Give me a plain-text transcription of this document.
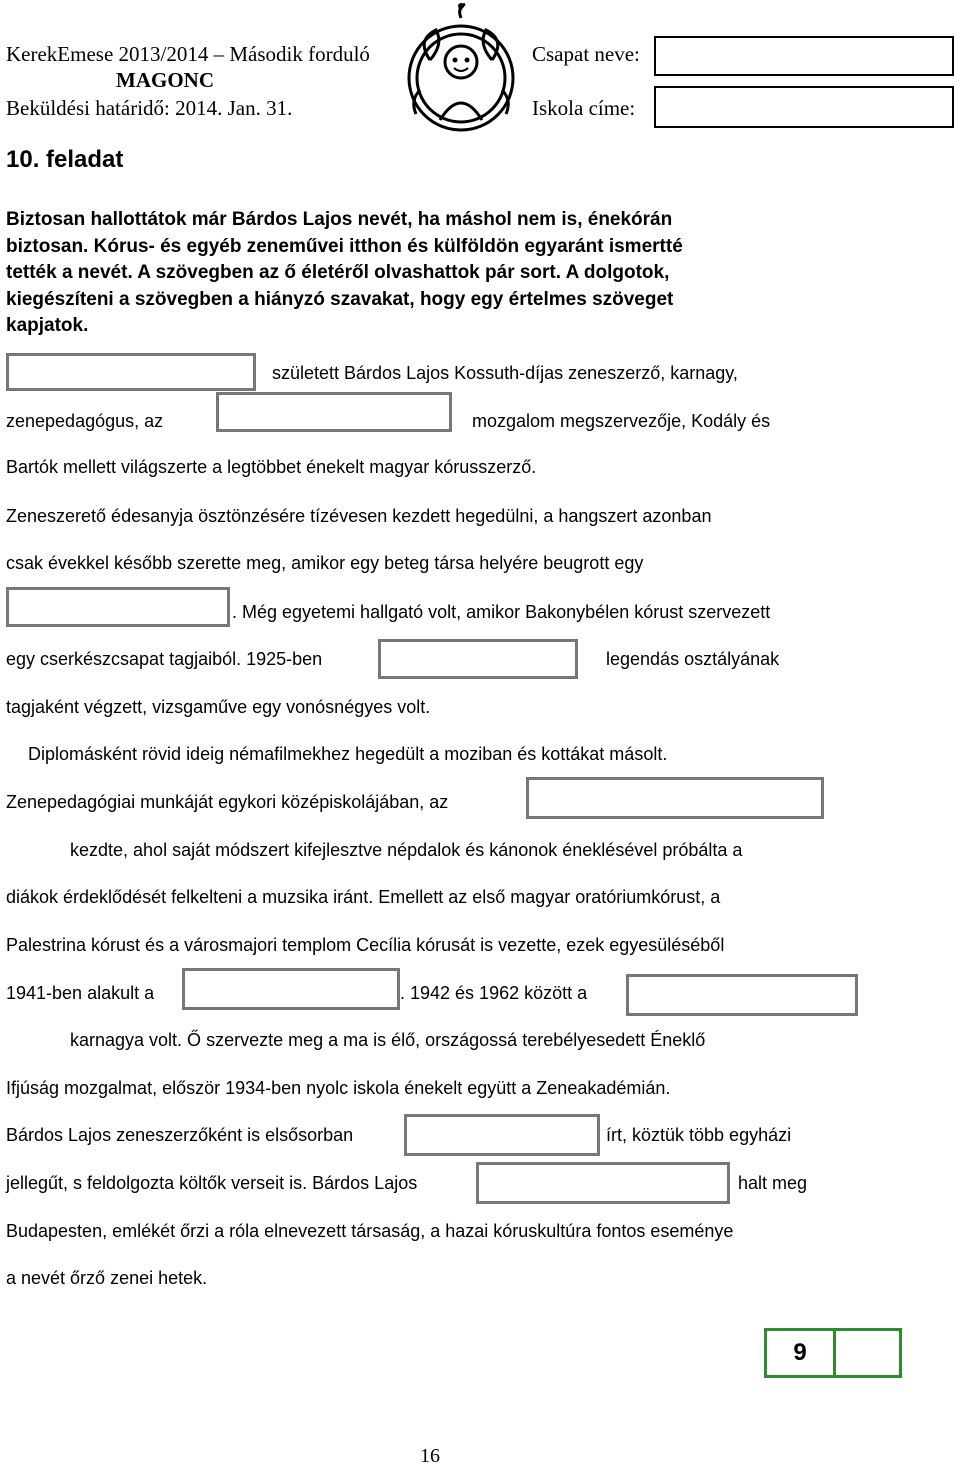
KerekEmese 2013/2014 – Második forduló
MAGONC
Beküldési határidő: 2014. Jan. 31.
Csapat neve:
Iskola címe:
10. feladat
Biztosan hallottátok már Bárdos Lajos nevét, ha máshol nem is, énekórán
biztosan. Kórus- és egyéb zeneművei itthon és külföldön egyaránt ismertté
tették a nevét. A szövegben az ő életéről olvashattok pár sort. A dolgotok,
kiegészíteni a szövegben a hiányzó szavakat, hogy egy értelmes szöveget
kapjatok.
született Bárdos Lajos Kossuth-díjas zeneszerző, karnagy,
zenepedagógus, az	mozgalom megszervezője, Kodály és
Bartók mellett világszerte a legtöbbet énekelt magyar kórusszerző.
Zeneszerető édesanyja ösztönzésére tízévesen kezdett hegedülni, a hangszert azonban
csak évekkel később szerette meg, amikor egy beteg társa helyére beugrott egy
. Még egyetemi hallgató volt, amikor Bakonybélen kórust szervezett
egy cserkészcsapat tagjaiból. 1925-ben	legendás osztályának
tagjaként végzett, vizsgaműve egy vonósnégyes volt.
Diplomásként rövid ideig némafilmekhez hegedült a moziban és kottákat másolt.
Zenepedagógiai munkáját egykori középiskolájában, az
kezdte, ahol saját módszert kifejlesztve népdalok és kánonok éneklésével próbálta a
diákok érdeklődését felkelteni a muzsika iránt. Emellett az első magyar oratóriumkórust, a
Palestrina kórust és a városmajori templom Cecília kórusát is vezette, ezek egyesüléséből
1941-ben alakult a	. 1942 és 1962 között a
karnagya volt. Ő szervezte meg a ma is élő, országossá terebélyesedett Éneklő
Ifjúság mozgalmat, először 1934-ben nyolc iskola énekelt együtt a Zeneakadémián.
Bárdos Lajos zeneszerzőként is elsősorban	írt, köztük több egyházi
jellegűt, s feldolgozta költők verseit is. Bárdos Lajos	halt meg
Budapesten, emlékét őrzi a róla elnevezett társaság, a hazai kóruskultúra fontos eseménye
a nevét őrző zenei hetek.
9
16
